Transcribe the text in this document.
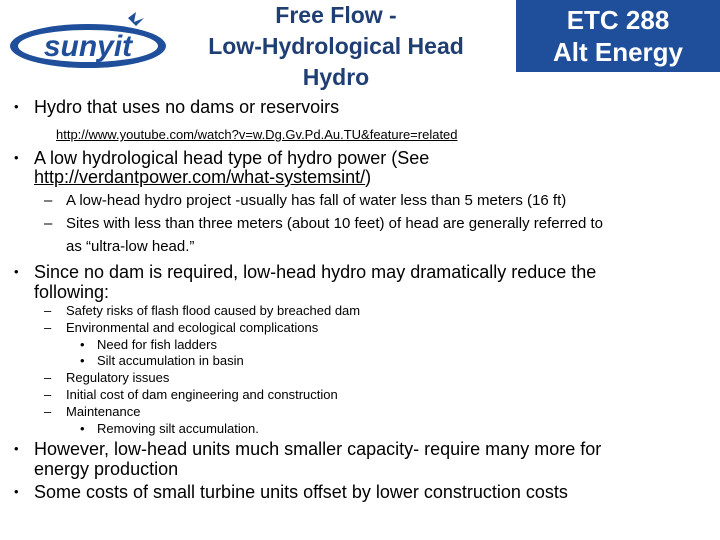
sunyit
Free Flow -
Low-Hydrological Head
Hydro
ETC 288
Alt Energy
• Hydro that uses no dams or reservoirs
http://www.youtube.com/watch?v=w.Dg.Gv.Pd.Au.TU&feature=related
• A low hydrological head type of hydro power (See
http://verdantpower.com/what-systemsint/)
– A low-head hydro project -usually has fall of water less than 5 meters (16 ft)
– Sites with less than three meters (about 10 feet) of head are generally referred to
as “ultra-low head.”
• Since no dam is required, low-head hydro may dramatically reduce the
following:
– Safety risks of flash flood caused by breached dam
– Environmental and ecological complications
• Need for fish ladders
• Silt accumulation in basin
– Regulatory issues
– Initial cost of dam engineering and construction
– Maintenance
• Removing silt accumulation.
• However, low-head units much smaller capacity- require many more for
energy production
• Some costs of small turbine units offset by lower construction costs
